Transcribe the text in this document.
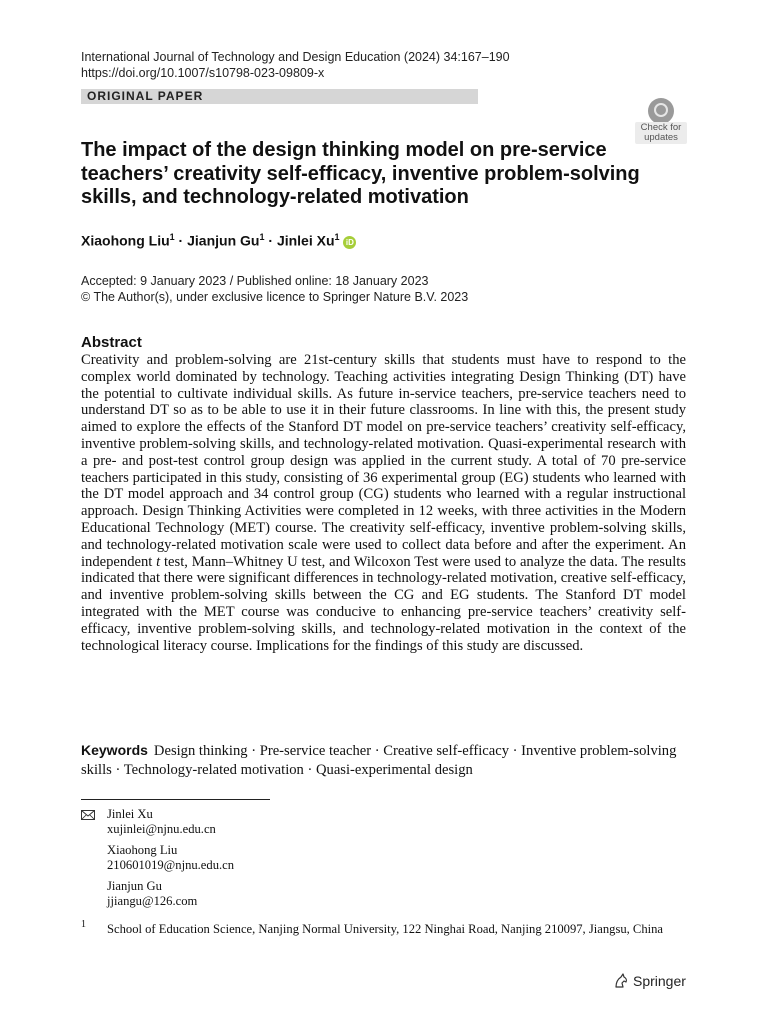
International Journal of Technology and Design Education (2024) 34:167–190
https://doi.org/10.1007/s10798-023-09809-x
ORIGINAL PAPER
Check for updates
The impact of the design thinking model on pre-service teachers’ creativity self-efficacy, inventive problem-solving skills, and technology-related motivation
Xiaohong Liu$^1$ · Jianjun $Gu^1$ · Jinlei Xu$^1$ iD
Accepted: 9 January 2023 / Published online: 18 January 2023
© The Author(s), under exclusive licence to Springer Nature B.V. 2023
Abstract
Creativity and problem-solving are 21st-century skills that students must have to respond to the complex world dominated by technology. Teaching activities integrating Design Thinking (DT) have the potential to cultivate individual skills. As future in-service teachers, pre-service teachers need to understand DT so as to be able to use it in their future classrooms. In line with this, the present study aimed to explore the effects of the Stanford DT model on pre-service teachers’ creativity self-efficacy, inventive problem-solving skills, and technology-related motivation. Quasi-experimental research with a pre- and post-test control group design was applied in the current study. A total of 70 pre-service teachers participated in this study, consisting of 36 experimental group (EG) students who learned with the DT model approach and 34 control group (CG) students who learned with a regular instructional approach. Design Thinking Activities were completed in 12 weeks, with three activities in the Modern Educational Technology (MET) course. The creativity self-efficacy, inventive problem-solving skills, and technology-related motivation scale were used to collect data before and after the experiment. An independent t test, Mann–Whitney U test, and Wilcoxon Test were used to analyze the data. The results indicated that there were significant differences in technology-related motivation, creative self-efficacy, and inventive problem-solving skills between the CG and EG students. The Stanford DT model integrated with the MET course was conducive to enhancing pre-service teachers’ creativity self-efficacy, inventive problem-solving skills, and technology-related motivation in the context of the technological literacy course. Implications for the findings of this study are discussed.
Keywords Design thinking · Pre-service teacher · Creative self-efficacy · Inventive problem-solving skills · Technology-related motivation · Quasi-experimental design
Jinlei Xu
xujinlei@njnu.edu.cn
Xiaohong Liu
210601019@njnu.edu.cn
Jianjun Gu
jjiangu@126.com
1 School of Education Science, Nanjing Normal University, 122 Ninghai Road, Nanjing 210097, Jiangsu, China
Springer
